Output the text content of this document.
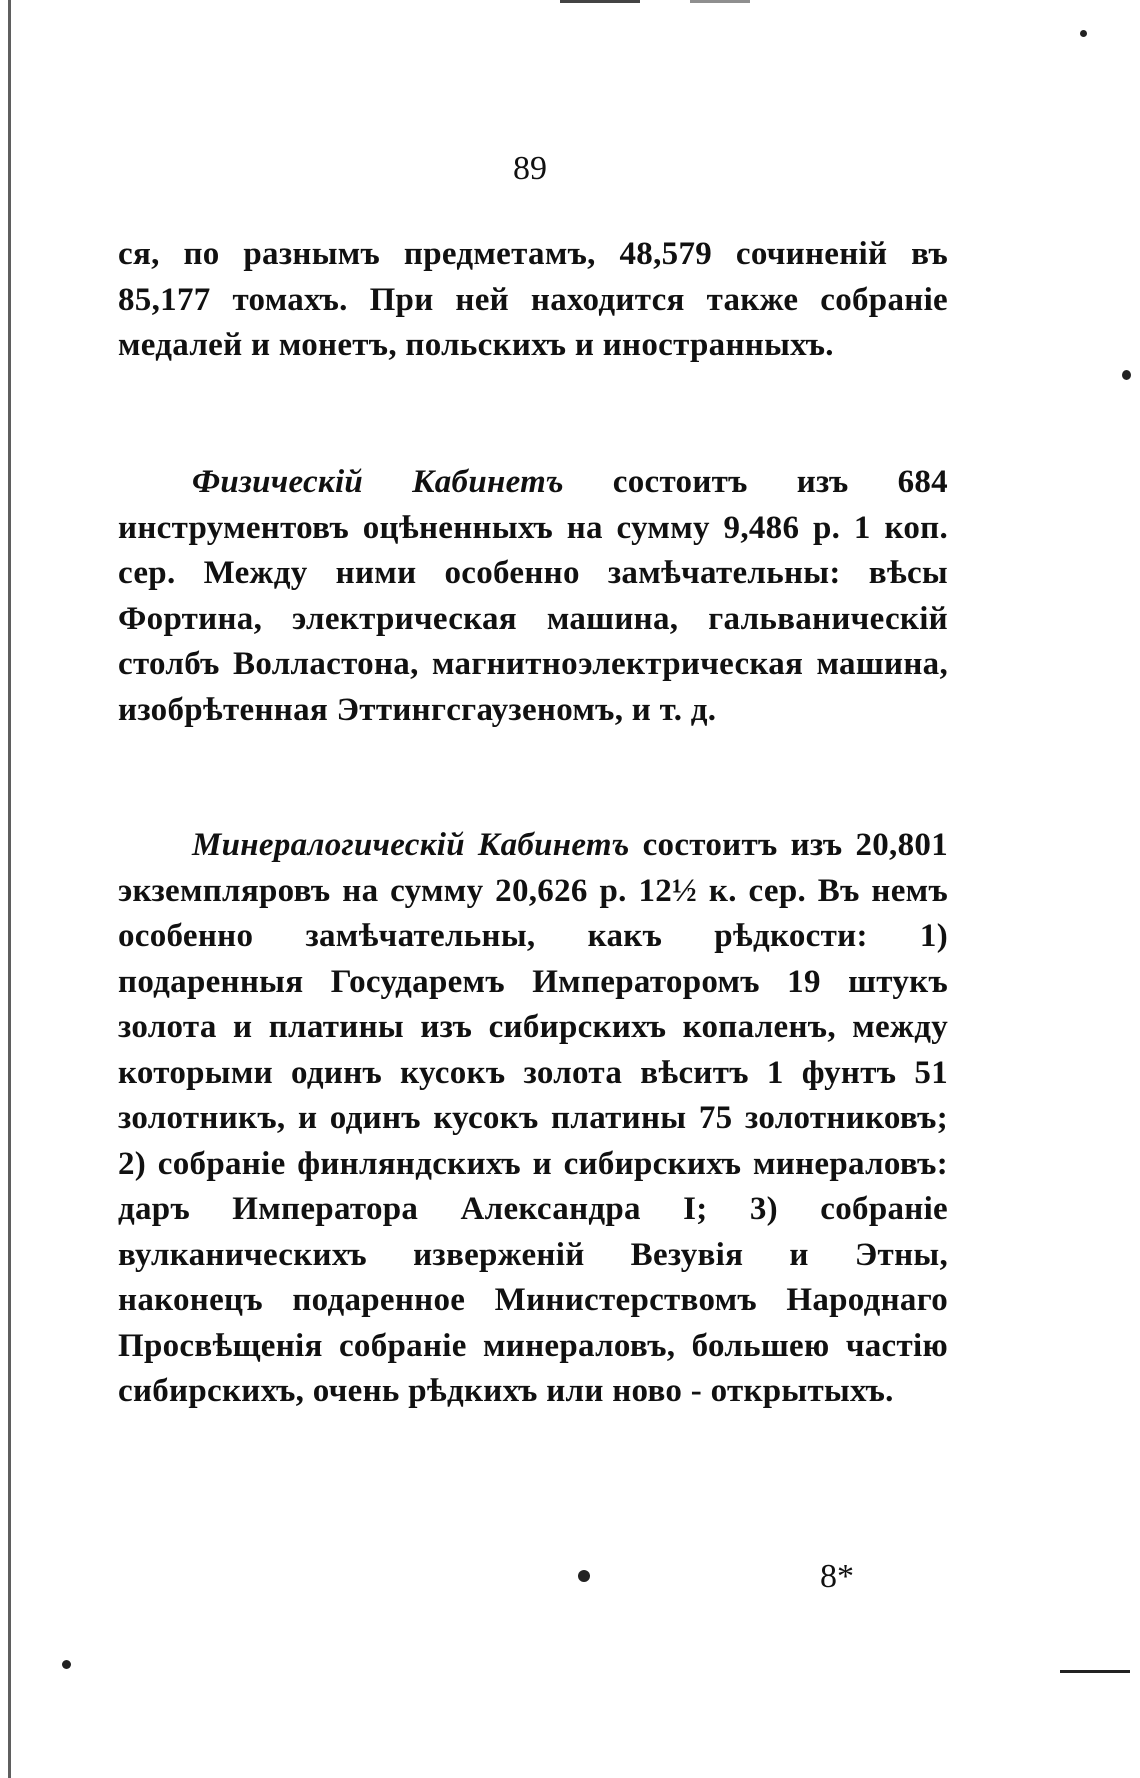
89
ся, по разнымъ предметамъ, 48,579 сочиненій въ 85,177 томахъ. При ней находится также собраніе медалей и монетъ, польскихъ и иностранныхъ.
Физическій Кабинетъ состоитъ изъ 684 инструментовъ оцѣненныхъ на сумму 9,486 р. 1 коп. сер. Между ними особенно замѣчательны: вѣсы Фортина, электрическая машина, гальваническій столбъ Волластона, магнитноэлектрическая машина, изобрѣтенная Эттингсгаузеномъ, и т. д.
Минералогическій Кабинетъ состоитъ изъ 20,801 экземпляровъ на сумму 20,626 р. 12½ к. сер. Въ немъ особенно замѣчательны, какъ рѣдкости: 1) подаренныя Государемъ Императоромъ 19 штукъ золота и платины изъ сибирскихъ копаленъ, между которыми одинъ кусокъ золота вѣситъ 1 фунтъ 51 золотникъ, и одинъ кусокъ платины 75 золотниковъ; 2) собраніе финляндскихъ и сибирскихъ минераловъ: даръ Императора Александра I; 3) собраніе вулканическихъ изверженій Везувія и Этны, наконецъ подаренное Министерствомъ Народнаго Просвѣщенія собраніе минераловъ, большею частію сибирскихъ, очень рѣдкихъ или ново - открытыхъ.
8*
